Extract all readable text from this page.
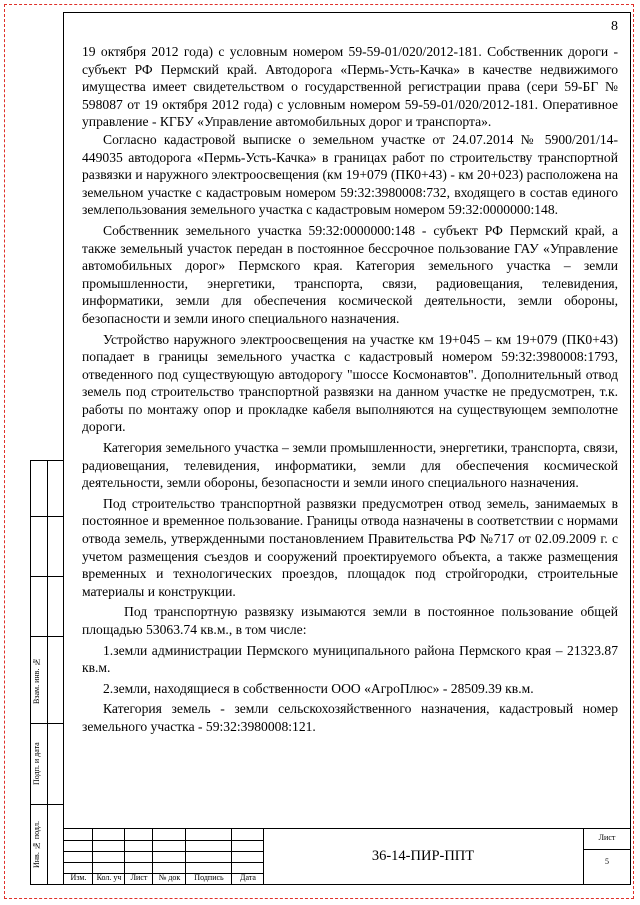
8

19 октября 2012 года) с условным номером 59-59-01/020/2012-181. Собственник дороги - субъект РФ Пермский край. Автодорога «Пермь-Усть-Качка» в качестве недвижимого имущества имеет свидетельством о государственной регистрации права (сери 59-БГ № 598087 от 19 октября 2012 года) с условным номером 59-59-01/020/2012-181. Оперативное управление - КГБУ «Управление автомобильных дорог и транспорта».

Согласно кадастровой выписке о земельном участке от 24.07.2014 № 5900/201/14-449035 автодорога «Пермь-Усть-Качка» в границах работ по строительству транспортной развязки и наружного электроосвещения (км 19+079 (ПК0+43) - км 20+023) расположена на земельном участке с кадастровым номером 59:32:3980008:732, входящего в состав единого землепользования земельного участка с кадастровым номером 59:32:0000000:148.

Собственник земельного участка 59:32:0000000:148 - субъект РФ Пермский край, а также земельный участок передан в постоянное бессрочное пользование ГАУ «Управление автомобильных дорог» Пермского края. Категория земельного участка – земли промышленности, энергетики, транспорта, связи, радиовещания, телевидения, информатики, земли для обеспечения космической деятельности, земли обороны, безопасности и земли иного специального назначения.

Устройство наружного электроосвещения на участке км 19+045 – км 19+079 (ПК0+43) попадает в границы земельного участка с кадастровый номером 59:32:3980008:1793, отведенного под существующую автодорогу "шоссе Космонавтов". Дополнительный отвод земель под строительство транспортной развязки на данном участке не предусмотрен, т.к. работы по монтажу опор и прокладке кабеля выполняются на существующем земполотне дороги.

Категория земельного участка – земли промышленности, энергетики, транспорта, связи, радиовещания, телевидения, информатики, земли для обеспечения космической деятельности, земли обороны, безопасности и земли иного специального назначения.

Под строительство транспортной развязки предусмотрен отвод земель, занимаемых в постоянное и временное пользование. Границы отвода назначены в соответствии с нормами отвода земель, утвержденными постановлением Правительства РФ №717 от 02.09.2009 г. с учетом размещения съездов и сооружений проектируемого объекта, а также размещения временных и технологических проездов, площадок под стройгородки, строительные материалы и конструкции.

Под транспортную развязку изымаются земли в постоянное пользование общей площадью 53063.74 кв.м., в том числе:

1.земли администрации Пермского муниципального района Пермского края – 21323.87 кв.м.

2.земли, находящиеся в собственности ООО «АгроПлюс» - 28509.39 кв.м.

Категория земель - земли сельскохозяйственного назначения, кадастровый номер земельного участка - 59:32:3980008:121.

Изм.	Кол. уч	Лист	№ док	Подпись	Дата
36-14-ПИР-ППТ
Лист
5
Взам. инв. №
Подп. и дата
Инв. № подл.
